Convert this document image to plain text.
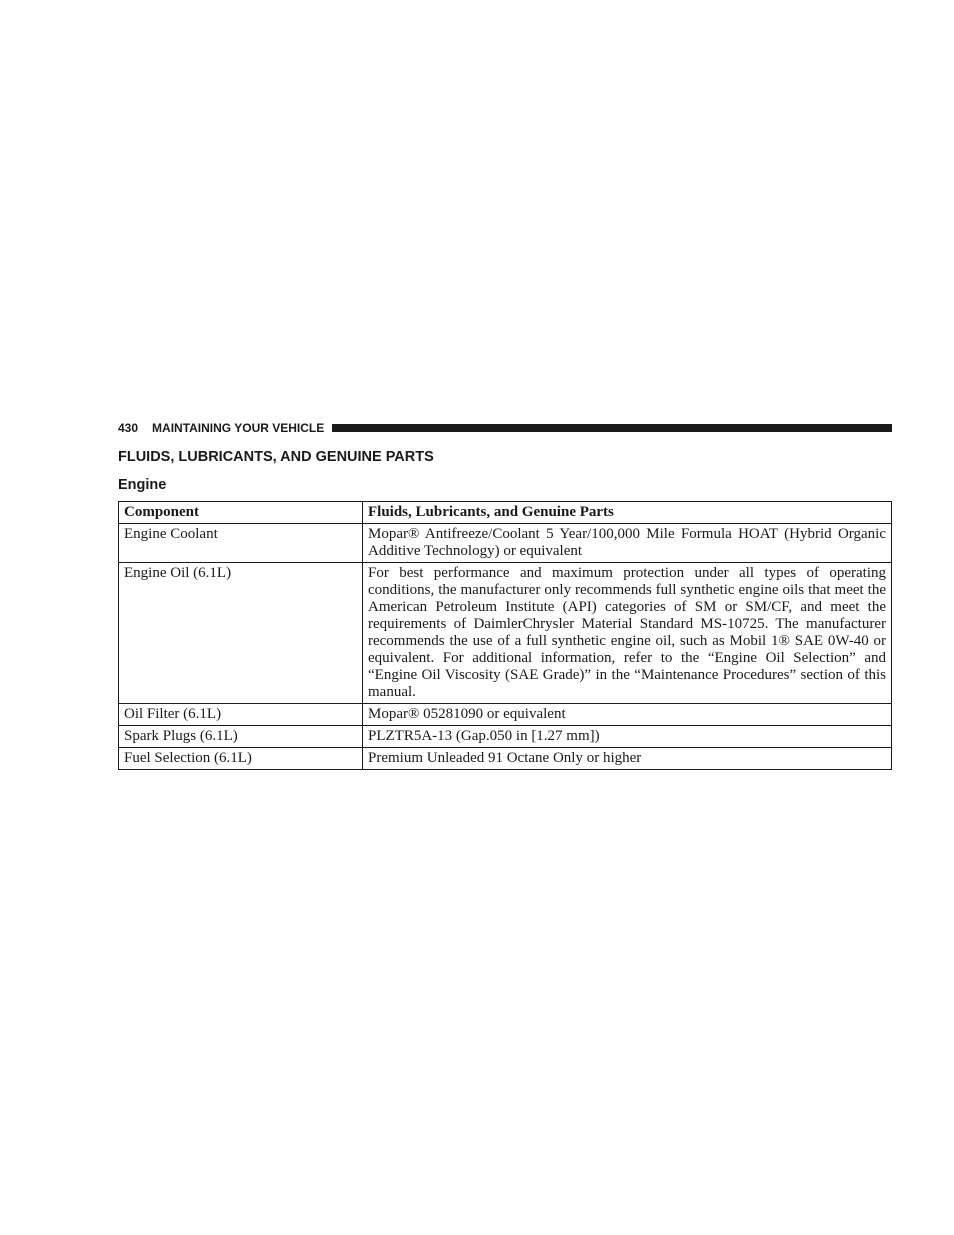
430 MAINTAINING YOUR VEHICLE
FLUIDS, LUBRICANTS, AND GENUINE PARTS
Engine
Component	Fluids, Lubricants, and Genuine Parts
Engine Coolant	Mopar® Antifreeze/Coolant 5 Year/100,000 Mile Formula HOAT (Hybrid Organic Additive Technology) or equivalent
Engine Oil (6.1L)	For best performance and maximum protection under all types of operating conditions, the manufacturer only recommends full synthetic engine oils that meet the American Petroleum Institute (API) categories of SM or SM/CF, and meet the requirements of DaimlerChrysler Material Standard MS-10725. The manufacturer recommends the use of a full synthetic engine oil, such as Mobil 1® SAE 0W-40 or equivalent. For additional information, refer to the “Engine Oil Selection” and “Engine Oil Viscosity (SAE Grade)” in the “Maintenance Procedures” section of this manual.
Oil Filter (6.1L)	Mopar® 05281090 or equivalent
Spark Plugs (6.1L)	PLZTR5A-13 (Gap.050 in [1.27 mm])
Fuel Selection (6.1L)	Premium Unleaded 91 Octane Only or higher
